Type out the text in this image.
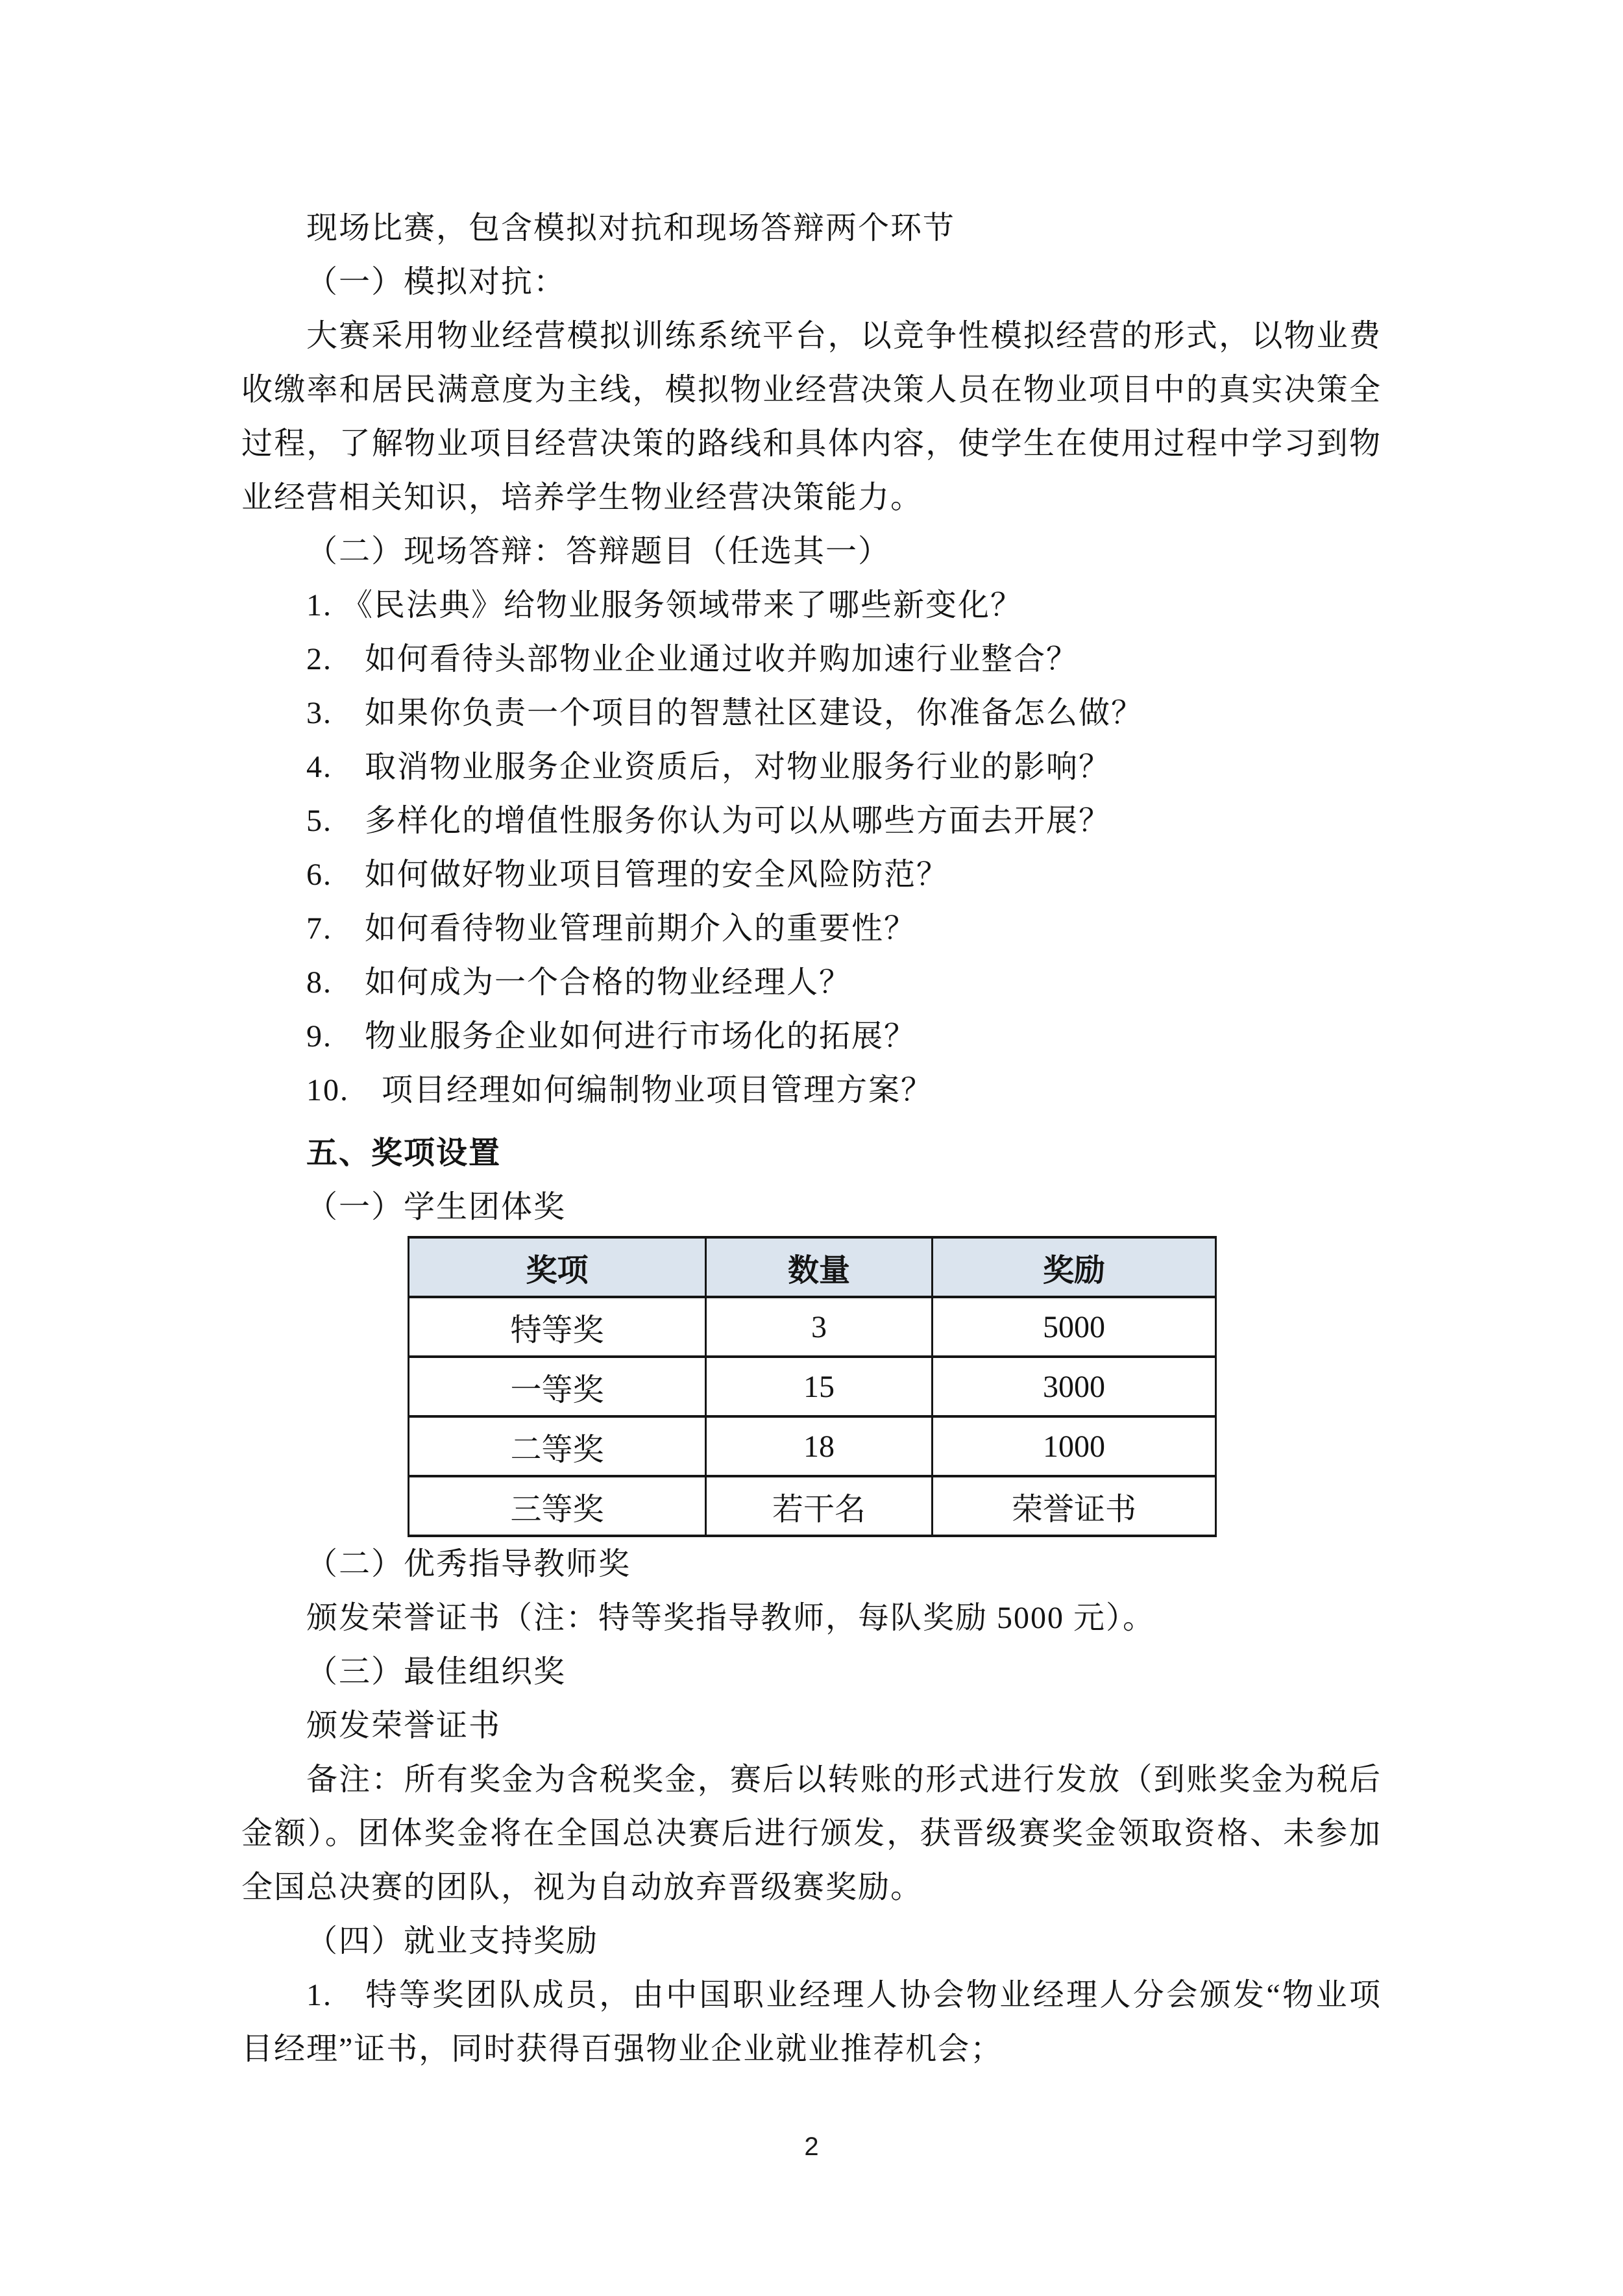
现场比赛，包含模拟对抗和现场答辩两个环节

（一）模拟对抗：

大赛采用物业经营模拟训练系统平台，以竞争性模拟经营的形式，以物业费收缴率和居民满意度为主线，模拟物业经营决策人员在物业项目中的真实决策全过程，了解物业项目经营决策的路线和具体内容，使学生在使用过程中学习到物业经营相关知识，培养学生物业经营决策能力。

（二）现场答辩：答辩题目（任选其一）

1. 《民法典》给物业服务领域带来了哪些新变化？

2. 如何看待头部物业企业通过收并购加速行业整合？

3. 如果你负责一个项目的智慧社区建设，你准备怎么做？

4. 取消物业服务企业资质后，对物业服务行业的影响？

5. 多样化的增值性服务你认为可以从哪些方面去开展？

6. 如何做好物业项目管理的安全风险防范？

7. 如何看待物业管理前期介入的重要性？

8. 如何成为一个合格的物业经理人？

9. 物业服务企业如何进行市场化的拓展？

10. 项目经理如何编制物业项目管理方案？

五、奖项设置

（一）学生团体奖

奖项	数量	奖励
特等奖	3	5000
一等奖	15	3000
二等奖	18	1000
三等奖	若干名	荣誉证书

（二）优秀指导教师奖

颁发荣誉证书（注：特等奖指导教师，每队奖励 5000 元）。

（三）最佳组织奖

颁发荣誉证书

备注：所有奖金为含税奖金，赛后以转账的形式进行发放（到账奖金为税后金额）。团体奖金将在全国总决赛后进行颁发，获晋级赛奖金领取资格、未参加全国总决赛的团队，视为自动放弃晋级赛奖励。

（四）就业支持奖励

1. 特等奖团队成员，由中国职业经理人协会物业经理人分会颁发“物业项目经理”证书，同时获得百强物业企业就业推荐机会；

2
